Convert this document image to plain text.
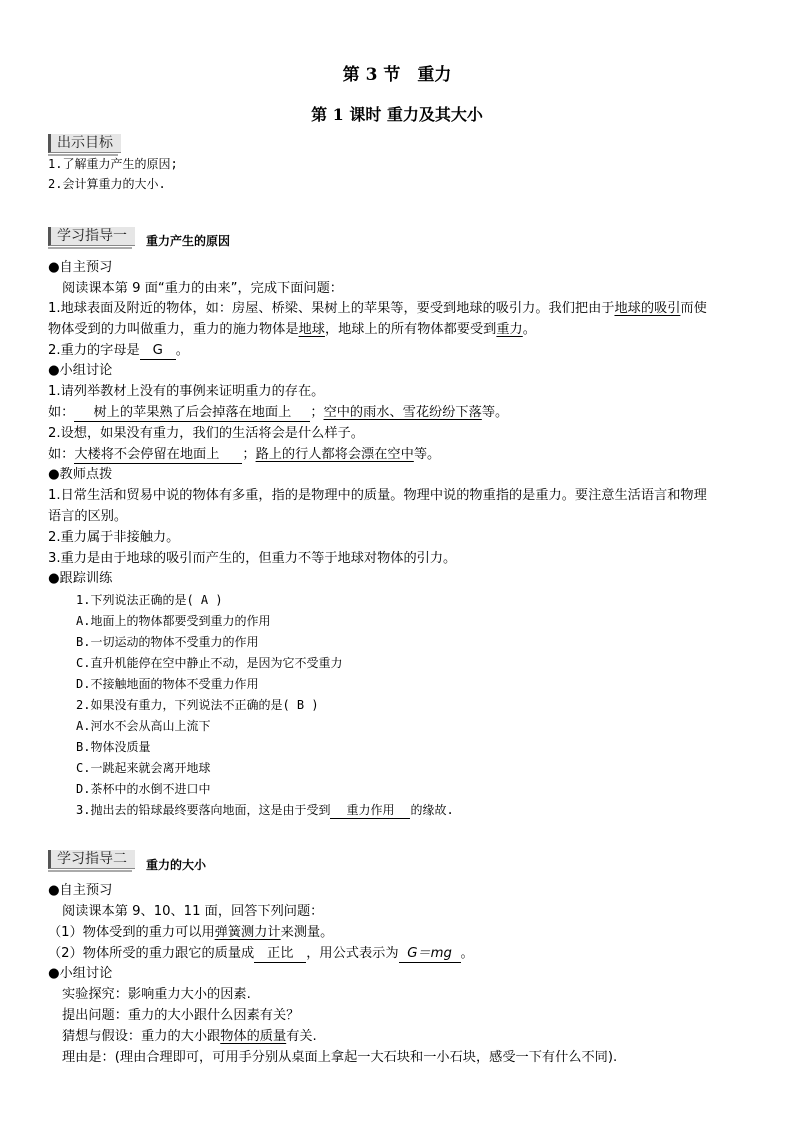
第 3 节　重力
第 1 课时 重力及其大小
出示目标
1.了解重力产生的原因;
2.会计算重力的大小.
学习指导一	重力产生的原因
●自主预习
阅读课本第 9 面“重力的由来”，完成下面问题：
1.地球表面及附近的物体，如：房屋、桥梁、果树上的苹果等，要受到地球的吸引力。我们把由于地球的吸引而使
物体受到的力叫做重力，重力的施力物体是地球，地球上的所有物体都要受到重力。
2.重力的字母是 G 。
●小组讨论
1.请列举教材上没有的事例来证明重力的存在。
如： 树上的苹果熟了后会掉落在地面上 ；空中的雨水、雪花纷纷下落等。
2.设想，如果没有重力，我们的生活将会是什么样子。
如：大楼将不会停留在地面上 ；路上的行人都将会漂在空中等。
●教师点拨
1.日常生活和贸易中说的物体有多重，指的是物理中的质量。物理中说的物重指的是重力。要注意生活语言和物理
语言的区别。
2.重力属于非接触力。
3.重力是由于地球的吸引而产生的，但重力不等于地球对物体的引力。
●跟踪训练
1.下列说法正确的是( A )
A.地面上的物体都要受到重力的作用
B.一切运动的物体不受重力的作用
C.直升机能停在空中静止不动，是因为它不受重力
D.不接触地面的物体不受重力作用
2.如果没有重力，下列说法不正确的是( B )
A.河水不会从高山上流下
B.物体没质量
C.一跳起来就会离开地球
D.茶杯中的水倒不进口中
3.抛出去的铅球最终要落向地面，这是由于受到 重力作用 的缘故.
学习指导二	重力的大小
●自主预习
阅读课本第 9、10、11 面，回答下列问题：
（1）物体受到的重力可以用弹簧测力计来测量。
（2）物体所受的重力跟它的质量成 正比 ，用公式表示为 G＝mg 。
●小组讨论
实验探究：影响重力大小的因素.
提出问题：重力的大小跟什么因素有关？
猜想与假设：重力的大小跟物体的质量有关.
理由是：(理由合理即可，可用手分别从桌面上拿起一大石块和一小石块，感受一下有什么不同).
